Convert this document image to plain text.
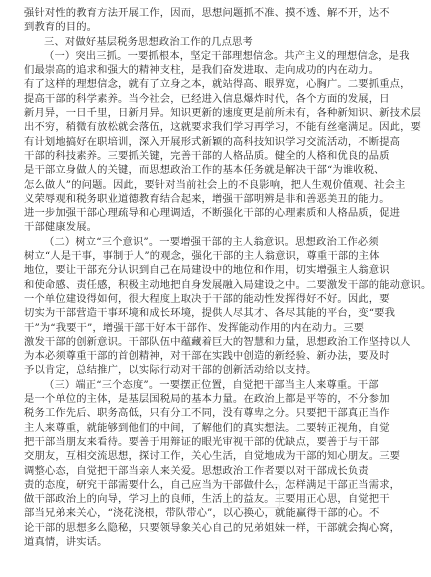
强针对性的教育方法开展工作，因而，思想问题抓不准、摸不透、解不开，达不
到教育的目的。
三、对做好基层税务思想政治工作的几点思考
（一）突出三抓。一要抓根本，坚定干部理想信念。共产主义的理想信念，是我
们最崇高的追求和强大的精神支柱，是我们奋发进取、走向成功的内在动力。
有了这样的理想信念，就有了立身之本，就站得高、眼界宽，心胸广。二要抓重点，
提高干部的科学素养。当今社会，已经进入信息爆炸时代，各个方面的发展，日
新月异，一日千里，日新月异。知识更新的速度更是前所未有，各种新知识、新技术层
出不穷，稍微有放松就会落伍，这就要求我们学习再学习，不能有丝毫满足。因此，要
有计划地搞好在职培训，深入开展形式新颖的高科技知识学习交流活动，不断提高
干部的科技素养。三要抓关键，完善干部的人格品质。健全的人格和优良的品质
是干部立身做人的关键，而思想政治工作的基本任务就是解决干部“为谁收税、
怎么做人”的问题。因此，要针对当前社会上的不良影响，把人生观价值观、社会主
义荣辱观和税务职业道德教育结合起来，增强干部明辨是非和善恶美丑的能力。
进一步加强干部心理疏导和心理调适，不断强化干部的心理素质和人格品质，促进
干部健康发展。
（二）树立“三个意识”。一要增强干部的主人翁意识。思想政治工作必须
树立“人是干事，事制于人”的观念，强化干部的主人翁意识，尊重干部的主体
地位，要让干部充分认识到自己在局建设中的地位和作用，切实增强主人翁意识
和使命感、责任感，积极主动地把自身发展融入局建设之中。二要激发干部的能动意识。
一个单位建设得如何，很大程度上取决于干部的能动性发挥得好不好。因此，要
切实为干部营造干事环境和成长环境，提供人尽其才、各尽其能的平台，变“要我
干”为“我要干”，增强干部干好本干部作、发挥能动作用的内在动力。三要
激发干部的创新意识。干部队伍中蕴藏着巨大的智慧和力量，思想政治工作坚持以人
为本必须尊重干部的首创精神，对干部在实践中创造的新经验、新办法，要及时
予以肯定，总结推广，以实际行动对干部的创新活动给以支持。
（三）端正“三个态度”。一要摆正位置，自觉把干部当主人来尊重。干部
是一个单位的主体，是基层国税局的基本力量。在政治上都是平等的，不分参加
税务工作先后、职务高低，只有分工不同，没有尊卑之分。只要把干部真正当作
主人来尊重，就能够到他们的中间，了解他们的真实想法。二要转正视角，自觉
把干部当朋友来看待。要善于用辩证的眼光审视干部的优缺点，要善于与干部
交朋友，互相交流思想，探讨工作，关心生活，自觉地成为干部的知心朋友。三要
调整心态，自觉把干部当亲人来关爱。思想政治工作者要以对干部成长负责
责的态度，研究干部需要什么，自己应当为干部做什么，怎样满足干部正当需求，
做干部政治上的向导，学习上的良师，生活上的益友。三要用正心思，自觉把干
部当兄弟来关心，“浇花浇根，带队带心”，以心换心，就能赢得干部的心。不
论干部的思想多么隐秘，只要领导象关心自己的兄弟姐妹一样，干部就会掏心窝，
道真情，讲实话。
